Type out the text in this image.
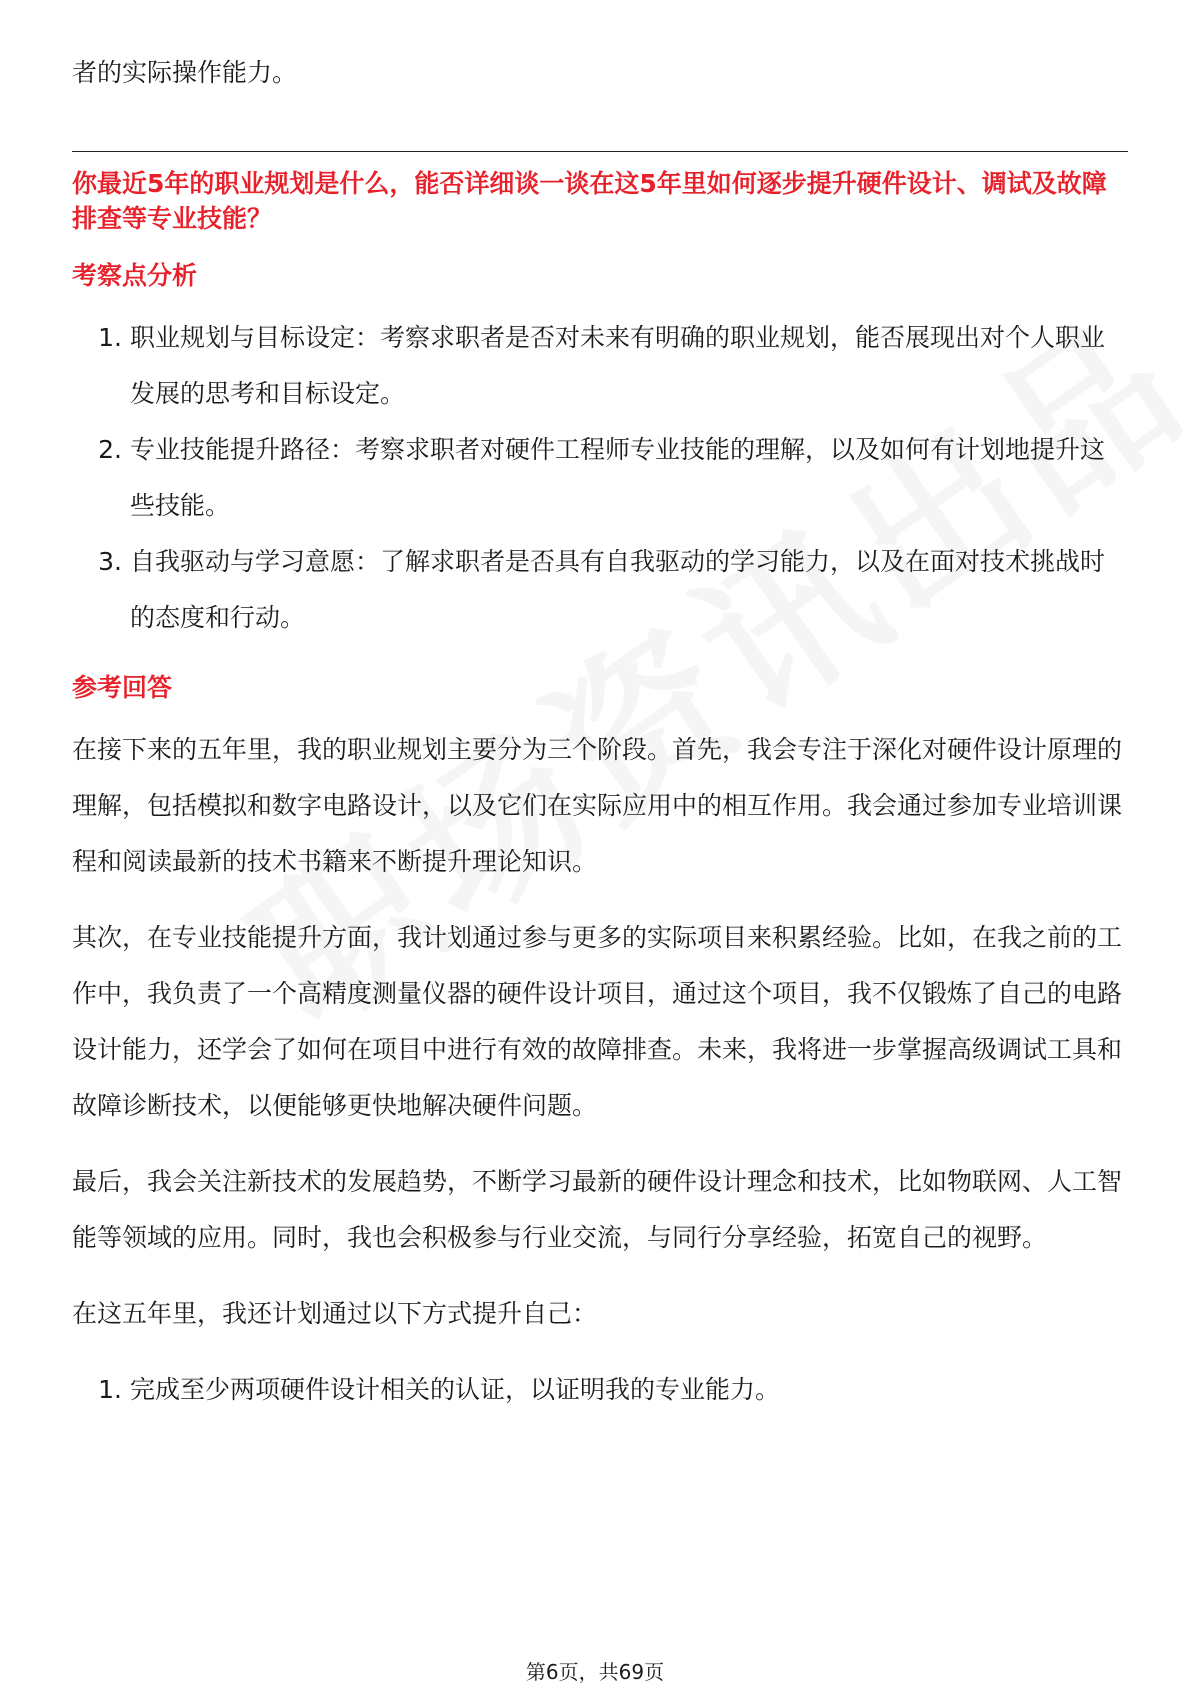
者的实际操作能力。

你最近5年的职业规划是什么，能否详细谈一谈在这5年里如何逐步提升硬件设计、调试及故障排查等专业技能？

考察点分析
1. 职业规划与目标设定：考察求职者是否对未来有明确的职业规划，能否展现出对个人职业发展的思考和目标设定。
2. 专业技能提升路径：考察求职者对硬件工程师专业技能的理解，以及如何有计划地提升这些技能。
3. 自我驱动与学习意愿：了解求职者是否具有自我驱动的学习能力，以及在面对技术挑战时的态度和行动。
参考回答

在接下来的五年里，我的职业规划主要分为三个阶段。首先，我会专注于深化对硬件设计原理的理解，包括模拟和数字电路设计，以及它们在实际应用中的相互作用。我会通过参加专业培训课程和阅读最新的技术书籍来不断提升理论知识。

其次，在专业技能提升方面，我计划通过参与更多的实际项目来积累经验。比如，在我之前的工作中，我负责了一个高精度测量仪器的硬件设计项目，通过这个项目，我不仅锻炼了自己的电路设计能力，还学会了如何在项目中进行有效的故障排查。未来，我将进一步掌握高级调试工具和故障诊断技术，以便能够更快地解决硬件问题。

最后，我会关注新技术的发展趋势，不断学习最新的硬件设计理念和技术，比如物联网、人工智能等领域的应用。同时，我也会积极参与行业交流，与同行分享经验，拓宽自己的视野。

在这五年里，我还计划通过以下方式提升自己：

1. 完成至少两项硬件设计相关的认证，以证明我的专业能力。
第6页，共69页
